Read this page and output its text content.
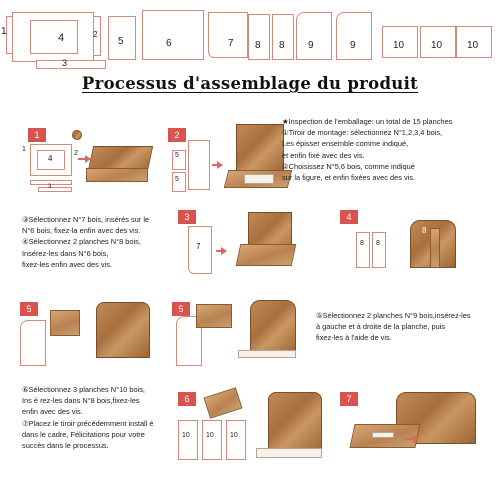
1
4
3
2
5	6	7 8 8 9	9	10	10 10
Processus d'assemblage du produit
1
4
1
3
2
2
5
5

★Inspection de l'emballage: un total de 15 planches

①Tiroir de montage: sélectionnez N°1,2,3,4 bois,

Les épisser ensemble comme indiqué,

et enfin fixé avec des vis.

②Choisissez N°5,6 bois, comme indiqué

sur la figure, et enfin fixées avec des vis.

③Sélectionnez N°7 bois, insérés sur le

N°6 bois, fixez-la enfin avec des vis.

④Sélectionnez 2 planches N°8 bois,

Insérez-les dans N°6 bois,

fixez-les enfin avec des vis.

3
7
4
8 8
8
5	5

⑤Sélectionnez 2 planches N°9 bois,insérez-les

à gauche et à droite de la planche, puis

fixez-les à l'aide de vis.

⑥Sélectionnez 3 planches N°10 bois,

Ins é rez-les dans N°8 bois,fixez-les

enfin avec des vis.

⑦Placez le tiroir précédemment install é

dans le cadre, Félicitations pour votre

succès dans le processus.

6
10 10 10
7
